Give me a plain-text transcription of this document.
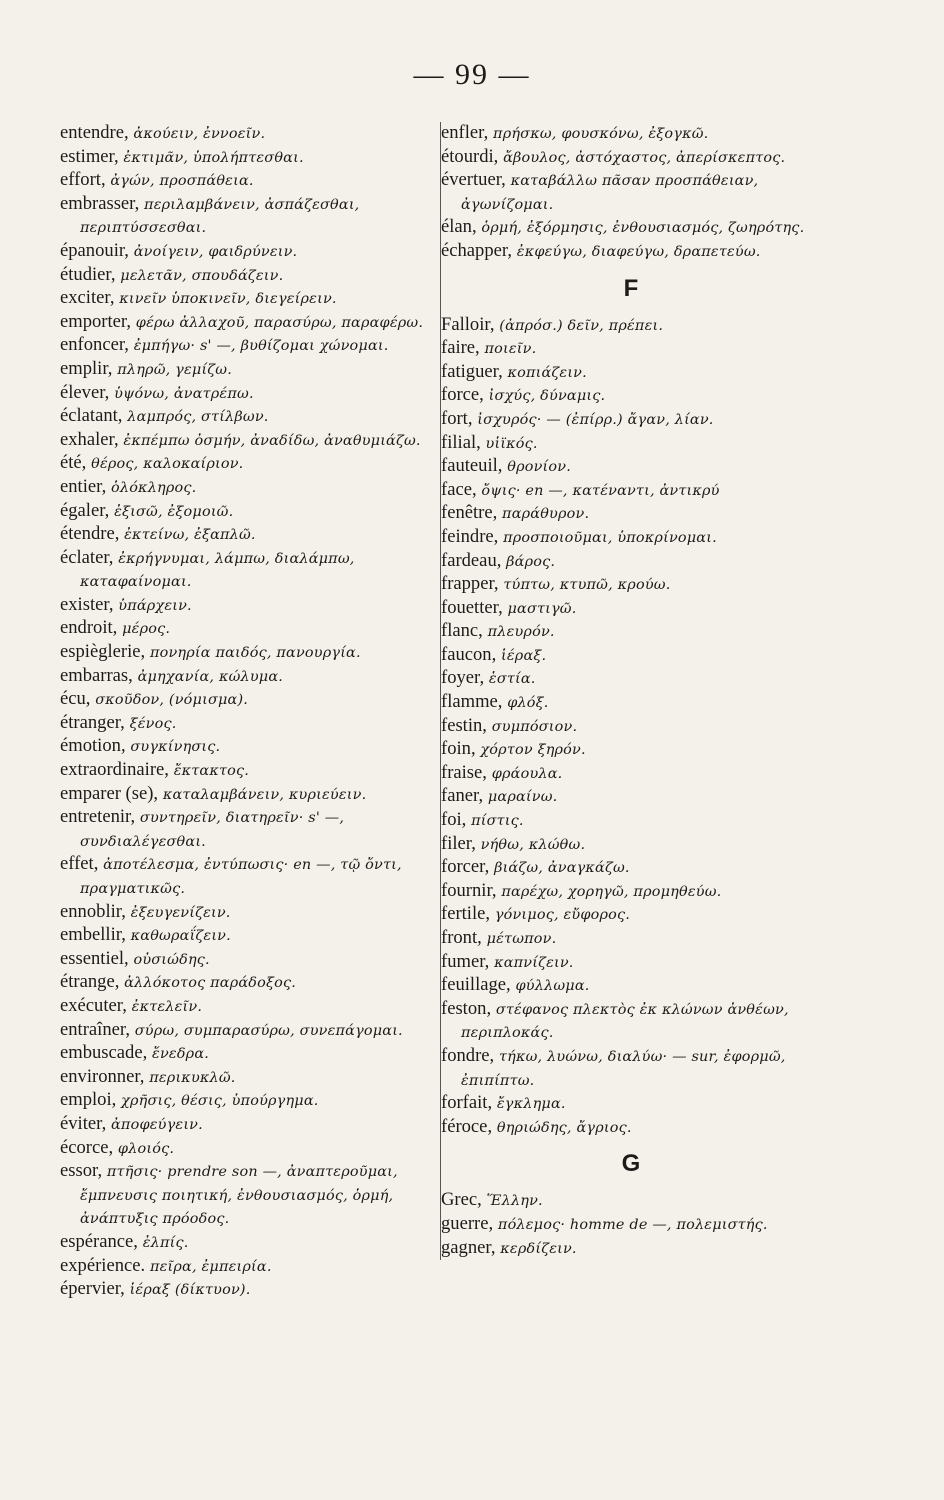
— 99 —
entendre, ἀκούειν, ἐννοεῖν.
estimer, ἐκτιμᾶν, ὑπολήπτεσθαι.
effort, ἀγών, προσπάθεια.
embrasser, περιλαμβάνειν, ἀσπάζεσθαι, περιπτύσσεσθαι.
épanouir, ἀνοίγειν, φαιδρύνειν.
étudier, μελετᾶν, σπουδάζειν.
exciter, κινεῖν ὑποκινεῖν, διεγείρειν.
emporter, φέρω ἀλλαχοῦ, παρασύρω, παραφέρω.
enfoncer, ἐμπήγω· s' —, βυθίζομαι χώνομαι.
emplir, πληρῶ, γεμίζω.
élever, ὑψόνω, ἀνατρέπω.
éclatant, λαμπρός, στίλβων.
exhaler, ἐκπέμπω ὀσμήν, ἀναδίδω, ἀναθυμιάζω.
été, θέρος, καλοκαίριον.
entier, ὁλόκληρος.
égaler, ἐξισῶ, ἐξομοιῶ.
étendre, ἐκτείνω, ἐξαπλῶ.
éclater, ἐκρήγνυμαι, λάμπω, διαλάμπω, καταφαίνομαι.
exister, ὑπάρχειν.
endroit, μέρος.
espièglerie, πονηρία παιδός, πανουργία.
embarras, ἀμηχανία, κώλυμα.
écu, σκοῦδον, (νόμισμα).
étranger, ξένος.
émotion, συγκίνησις.
extraordinaire, ἔκτακτος.
emparer (se), καταλαμβάνειν, κυριεύειν.
entretenir, συντηρεῖν, διατηρεῖν· s' —, συνδιαλέγεσθαι.
effet, ἀποτέλεσμα, ἐντύπωσις· en —, τῷ ὄντι, πραγματικῶς.
ennoblir, ἐξευγενίζειν.
embellir, καθωραΐζειν.
essentiel, οὐσιώδης.
étrange, ἀλλόκοτος παράδοξος.
exécuter, ἐκτελεῖν.
entraîner, σύρω, συμπαρασύρω, συνεπάγομαι.
embuscade, ἔνεδρα.
environner, περικυκλῶ.
emploi, χρῆσις, θέσις, ὑπούργημα.
éviter, ἀποφεύγειν.
écorce, φλοιός.
essor, πτῆσις· prendre son —, ἀναπτεροῦμαι, ἔμπνευσις ποιητική, ἐνθουσιασμός, ὁρμή, ἀνάπτυξις πρόοδος.
espérance, ἐλπίς.
expérience. πεῖρα, ἐμπειρία.
épervier, ἱέραξ (δίκτυον).
enfler, πρήσκω, φουσκόνω, ἐξογκῶ.
étourdi, ἄβουλος, ἀστόχαστος, ἀπερίσκεπτος.
évertuer, καταβάλλω πᾶσαν προσπάθειαν, ἀγωνίζομαι.
élan, ὁρμή, ἐξόρμησις, ἐνθουσιασμός, ζωηρότης.
échapper, ἐκφεύγω, διαφεύγω, δραπετεύω.
F
Falloir, (ἀπρόσ.) δεῖν, πρέπει.
faire, ποιεῖν.
fatiguer, κοπιάζειν.
force, ἰσχύς, δύναμις.
fort, ἰσχυρός· — (ἐπίρρ.) ἄγαν, λίαν.
filial, υἱϊκός.
fauteuil, θρονίον.
face, ὄψις· en —, κατέναντι, ἀντικρύ
fenêtre, παράθυρον.
feindre, προσποιοῦμαι, ὑποκρίνομαι.
fardeau, βάρος.
frapper, τύπτω, κτυπῶ, κρούω.
fouetter, μαστιγῶ.
flanc, πλευρόν.
faucon, ἱέραξ.
foyer, ἑστία.
flamme, φλόξ.
festin, συμπόσιον.
foin, χόρτον ξηρόν.
fraise, φράουλα.
faner, μαραίνω.
foi, πίστις.
filer, νήθω, κλώθω.
forcer, βιάζω, ἀναγκάζω.
fournir, παρέχω, χορηγῶ, προμηθεύω.
fertile, γόνιμος, εὔφορος.
front, μέτωπον.
fumer, καπνίζειν.
feuillage, φύλλωμα.
feston, στέφανος πλεκτὸς ἐκ κλώνων ἀνθέων, περιπλοκάς.
fondre, τήκω, λυώνω, διαλύω· — sur, ἐφορμῶ, ἐπιπίπτω.
forfait, ἔγκλημα.
féroce, θηριώδης, ἄγριος.
G
Grec, Ἕλλην.
guerre, πόλεμος· homme de —, πολεμιστής.
gagner, κερδίζειν.
